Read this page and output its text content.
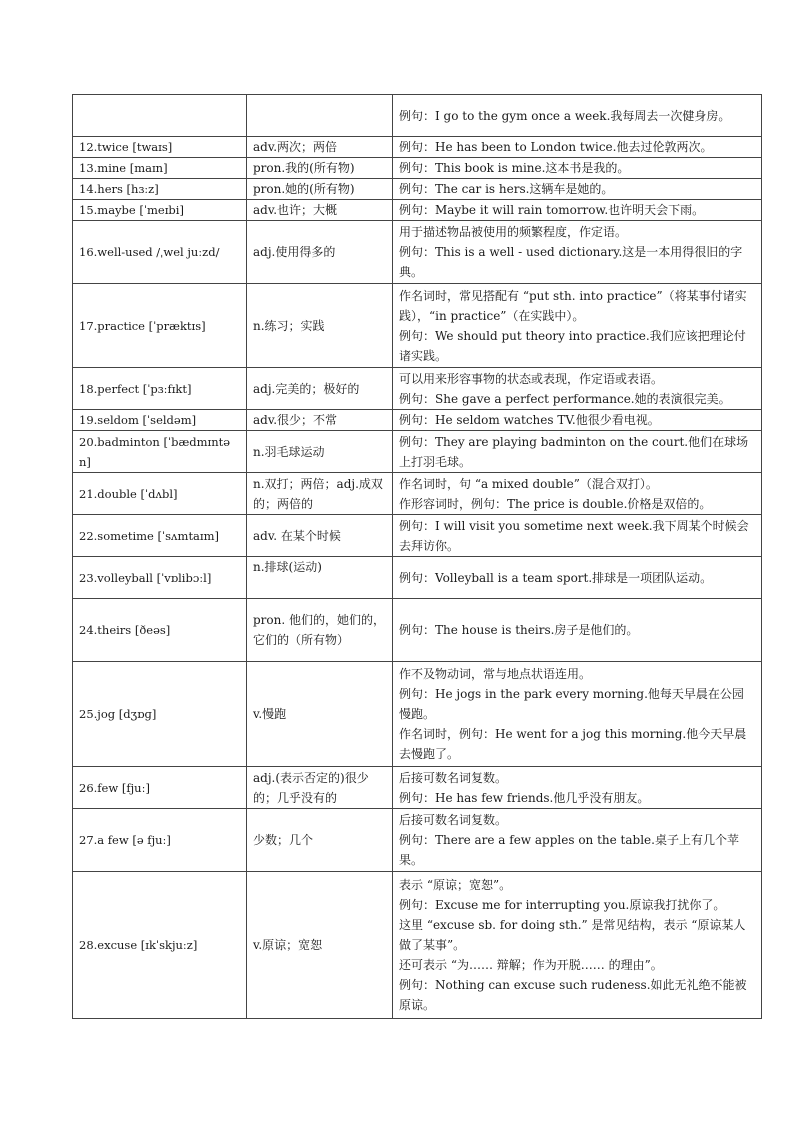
		例句：I go to the gym once a week.我每周去一次健身房。

12.twice [twaɪs]	adv.两次；两倍	例句：He has been to London twice.他去过伦敦两次。

13.mine [maɪn]	pron.我的(所有物)	例句：This book is mine.这本书是我的。

14.hers [hɜːz]	pron.她的(所有物)	例句：The car is hers.这辆车是她的。

15.maybe [ˈmeɪbi]	adv.也许；大概	例句：Maybe it will rain tomorrow.也许明天会下雨。

16.well-used /ˌwel juːzd/	adj.使用得多的	用于描述物品被使用的频繁程度，作定语。
例句：This is a well - used dictionary.这是一本用得很旧的字典。

17.practice [ˈpræktɪs]	n.练习；实践	作名词时，常见搭配有 “put sth. into practice”（将某事付诸实践），“in practice”（在实践中）。
例句：We should put theory into practice.我们应该把理论付诸实践。

18.perfect [ˈpɜːfɪkt]	adj.完美的；极好的	可以用来形容事物的状态或表现，作定语或表语。
例句：She gave a perfect performance.她的表演很完美。

19.seldom [ˈseldəm]	adv.很少；不常	例句：He seldom watches TV.他很少看电视。

20.badminton [ˈbædmɪntən]	n.羽毛球运动	例句：They are playing badminton on the court.他们在球场上打羽毛球。

21.double [ˈdʌbl]	n.双打；两倍；adj.成双的；两倍的	作名词时，句 “a mixed double”（混合双打）。
作形容词时，例句：The price is double.价格是双倍的。

22.sometime [ˈsʌmtaɪm]	adv. 在某个时候	例句：I will visit you sometime next week.我下周某个时候会去拜访你。

23.volleyball [ˈvɒlibɔːl]	n.排球(运动)	例句：Volleyball is a team sport.排球是一项团队运动。

24.theirs [ðeəs]	pron. 他们的，她们的，它们的（所有物）	例句：The house is theirs.房子是他们的。

25.jog [dʒɒɡ]	v.慢跑	作不及物动词，常与地点状语连用。
例句：He jogs in the park every morning.他每天早晨在公园慢跑。
作名词时，例句：He went for a jog this morning.他今天早晨去慢跑了。

26.few [fjuː]	adj.(表示否定的)很少的；几乎没有的	后接可数名词复数。
例句：He has few friends.他几乎没有朋友。

27.a few [ə fjuː]	少数；几个	后接可数名词复数。
例句：There are a few apples on the table.桌子上有几个苹果。

28.excuse [ɪkˈskjuːz]	v.原谅；宽恕	表示 “原谅；宽恕”。
例句：Excuse me for interrupting you.原谅我打扰你了。
这里 “excuse sb. for doing sth.” 是常见结构，表示 “原谅某人做了某事”。
还可表示 “为…… 辩解；作为开脱…… 的理由”。
例句：Nothing can excuse such rudeness.如此无礼绝不能被原谅。
